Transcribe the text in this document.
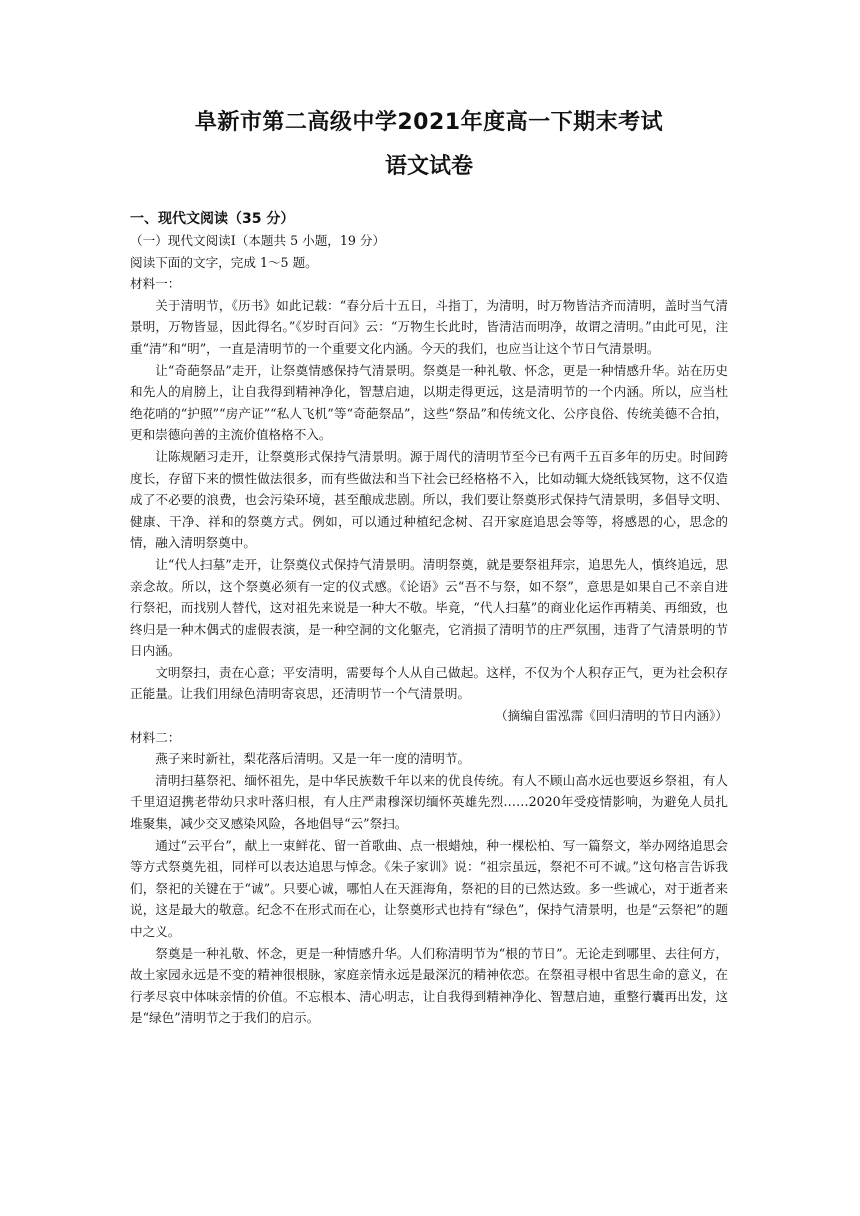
阜新市第二高级中学2021年度高一下期末考试
语文试卷
一、现代文阅读（35 分）
（一）现代文阅读Ⅰ（本题共 5 小题，19 分）
阅读下面的文字，完成 1～5 题。
材料一：

关于清明节，《历书》如此记载：“春分后十五日，斗指丁，为清明，时万物皆洁齐而清明，盖时当气清景明，万物皆显，因此得名。”《岁时百问》云：“万物生长此时，皆清洁而明净，故谓之清明。”由此可见，注重“清”和“明”，一直是清明节的一个重要文化内涵。今天的我们，也应当让这个节日气清景明。

让“奇葩祭品”走开，让祭奠情感保持气清景明。祭奠是一种礼敬、怀念，更是一种情感升华。站在历史和先人的肩膀上，让自我得到精神净化，智慧启迪，以期走得更远，这是清明节的一个内涵。所以，应当杜绝花哨的“护照”“房产证”“私人飞机”等“奇葩祭品”，这些“祭品”和传统文化、公序良俗、传统美德不合拍，更和崇德向善的主流价值格格不入。

让陈规陋习走开，让祭奠形式保持气清景明。源于周代的清明节至今已有两千五百多年的历史。时间跨度长，存留下来的惯性做法很多，而有些做法和当下社会已经格格不入，比如动辄大烧纸钱冥物，这不仅造成了不必要的浪费，也会污染环境，甚至酿成悲剧。所以，我们要让祭奠形式保持气清景明，多倡导文明、健康、干净、祥和的祭奠方式。例如，可以通过种植纪念树、召开家庭追思会等等，将感恩的心，思念的情，融入清明祭奠中。

让“代人扫墓”走开，让祭奠仪式保持气清景明。清明祭奠，就是要祭祖拜宗，追思先人，慎终追远，思亲念故。所以，这个祭奠必须有一定的仪式感。《论语》云“吾不与祭，如不祭”，意思是如果自己不亲自进行祭祀，而找别人替代，这对祖先来说是一种大不敬。毕竟，“代人扫墓”的商业化运作再精美、再细致，也终归是一种木偶式的虚假表演，是一种空洞的文化躯壳，它消损了清明节的庄严氛围，违背了气清景明的节日内涵。

文明祭扫，责在心意；平安清明，需要每个人从自己做起。这样，不仅为个人积存正气，更为社会积存正能量。让我们用绿色清明寄哀思，还清明节一个气清景明。

（摘编自雷泓霈《回归清明的节日内涵》）
材料二：

燕子来时新社，梨花落后清明。又是一年一度的清明节。

清明扫墓祭祀、缅怀祖先，是中华民族数千年以来的优良传统。有人不顾山高水远也要返乡祭祖，有人千里迢迢携老带幼只求叶落归根，有人庄严肃穆深切缅怀英雄先烈……2020年受疫情影响，为避免人员扎堆聚集，减少交叉感染风险，各地倡导“云”祭扫。

通过“云平台”，献上一束鲜花、留一首歌曲、点一根蜡烛，种一棵松柏、写一篇祭文，举办网络追思会等方式祭奠先祖，同样可以表达追思与悼念。《朱子家训》说：“祖宗虽远，祭祀不可不诚。”这句格言告诉我们，祭祀的关键在于“诚”。只要心诚，哪怕人在天涯海角，祭祀的目的已然达致。多一些诚心，对于逝者来说，这是最大的敬意。纪念不在形式而在心，让祭奠形式也持有“绿色”，保持气清景明，也是“云祭祀”的题中之义。

祭奠是一种礼敬、怀念，更是一种情感升华。人们称清明节为“根的节日”。无论走到哪里、去往何方，故土家园永远是不变的精神很根脉，家庭亲情永远是最深沉的精神依恋。在祭祖寻根中省思生命的意义，在行孝尽哀中体味亲情的价值。不忘根本、清心明志，让自我得到精神净化、智慧启迪，重整行囊再出发，这是“绿色”清明节之于我们的启示。
